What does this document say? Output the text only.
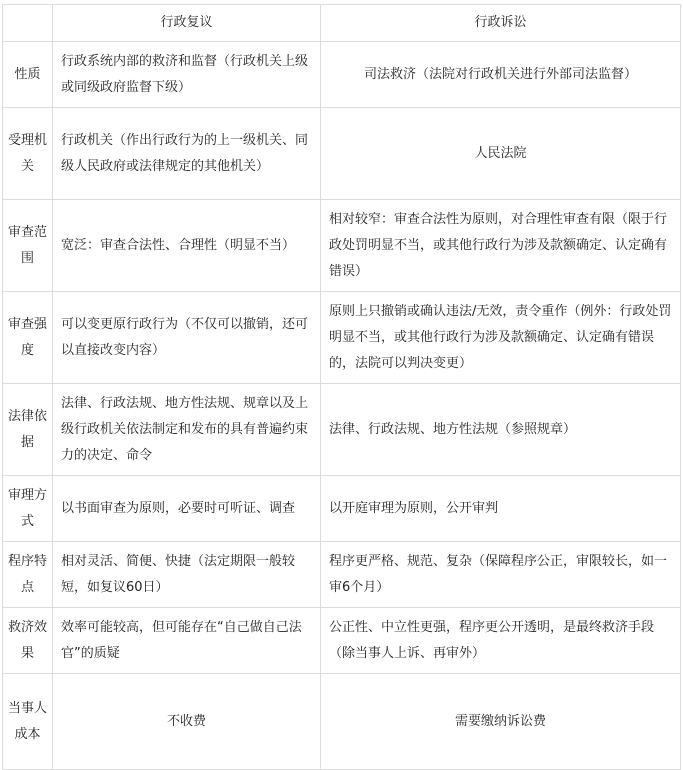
	行政复议	行政诉讼
性质	行政系统内部的救济和监督（行政机关上级或同级政府监督下级）	司法救济（法院对行政机关进行外部司法监督）
受理机关	行政机关（作出行政行为的上一级机关、同级人民政府或法律规定的其他机关）	人民法院
审查范围	宽泛：审查合法性、合理性（明显不当）	相对较窄：审查合法性为原则，对合理性审查有限（限于行政处罚明显不当，或其他行政行为涉及款额确定、认定确有错误）
审查强度	可以变更原行政行为（不仅可以撤销，还可以直接改变内容）	原则上只撤销或确认违法/无效，责令重作（例外：行政处罚明显不当，或其他行政行为涉及款额确定、认定确有错误的，法院可以判决变更）
法律依据	法律、行政法规、地方性法规、规章以及上级行政机关依法制定和发布的具有普遍约束力的决定、命令	法律、行政法规、地方性法规（参照规章）
审理方式	以书面审查为原则，必要时可听证、调查	以开庭审理为原则，公开审判
程序特点	相对灵活、简便、快捷（法定期限一般较短，如复议60日）	程序更严格、规范、复杂（保障程序公正，审限较长，如一审6个月）
救济效果	效率可能较高，但可能存在“自己做自己法官”的质疑	公正性、中立性更强，程序更公开透明，是最终救济手段（除当事人上诉、再审外）
当事人成本	不收费	需要缴纳诉讼费
